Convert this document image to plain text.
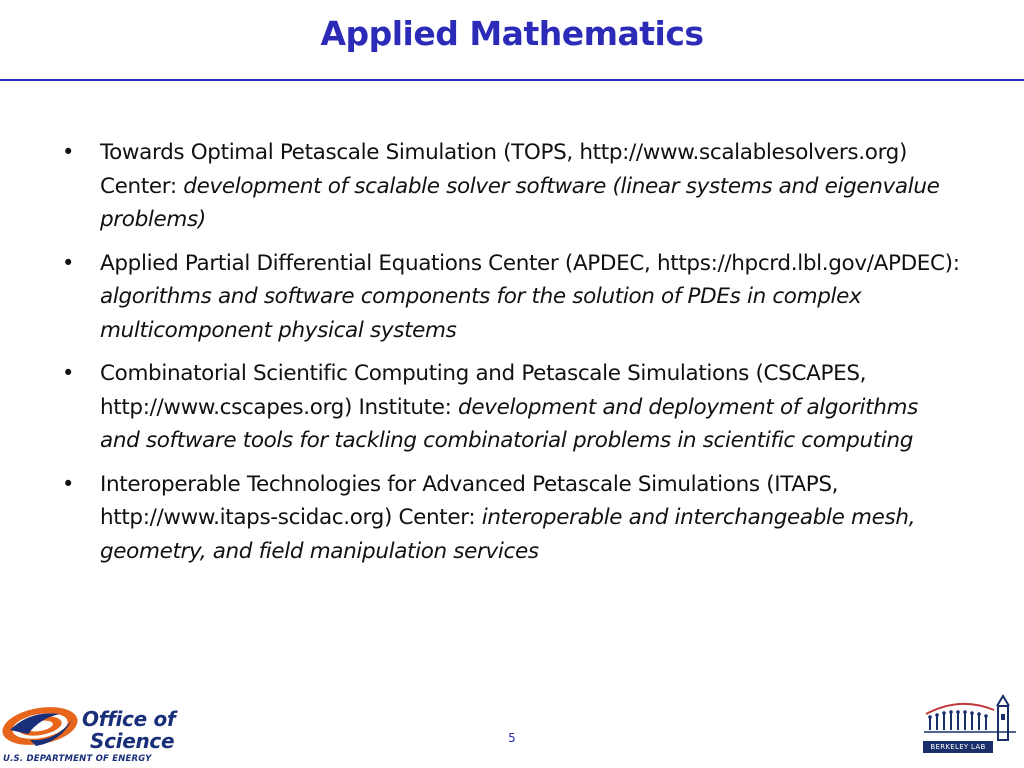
Applied Mathematics
• Towards Optimal Petascale Simulation (TOPS, http://www.scalablesolvers.org) Center: development of scalable solver software (linear systems and eigenvalue problems)
• Applied Partial Differential Equations Center (APDEC, https://hpcrd.lbl.gov/APDEC): algorithms and software components for the solution of PDEs in complex multicomponent physical systems
• Combinatorial Scientific Computing and Petascale Simulations (CSCAPES, http://www.cscapes.org) Institute: development and deployment of algorithms and software tools for tackling combinatorial problems in scientific computing
• Interoperable Technologies for Advanced Petascale Simulations (ITAPS, http://www.itaps-scidac.org) Center: interoperable and interchangeable mesh, geometry, and field manipulation services
Office of
Science
U.S. DEPARTMENT OF ENERGY
5
BERKELEY LAB
